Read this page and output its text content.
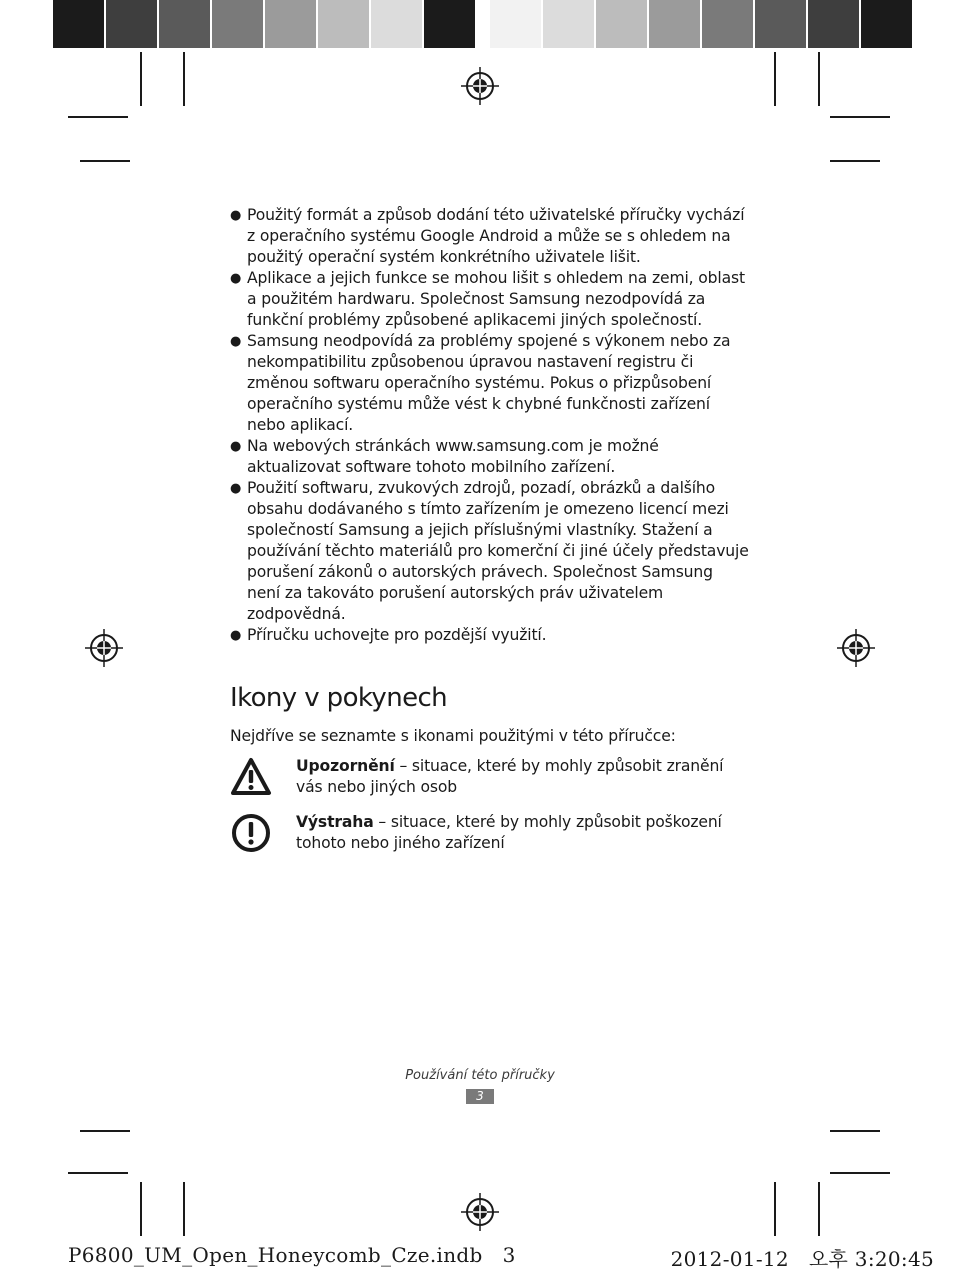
● Použitý formát a způsob dodání této uživatelské příručky vychází z operačního systému Google Android a může se s ohledem na použitý operační systém konkrétního uživatele lišit.
● Aplikace a jejich funkce se mohou lišit s ohledem na zemi, oblast a použitém hardwaru. Společnost Samsung nezodpovídá za funkční problémy způsobené aplikacemi jiných společností.
● Samsung neodpovídá za problémy spojené s výkonem nebo za nekompatibilitu způsobenou úpravou nastavení registru či změnou softwaru operačního systému. Pokus o přizpůsobení operačního systému může vést k chybné funkčnosti zařízení nebo aplikací.
● Na webových stránkách www.samsung.com je možné aktualizovat software tohoto mobilního zařízení.
● Použití softwaru, zvukových zdrojů, pozadí, obrázků a dalšího obsahu dodávaného s tímto zařízením je omezeno licencí mezi společností Samsung a jejich příslušnými vlastníky. Stažení a používání těchto materiálů pro komerční či jiné účely představuje porušení zákonů o autorských právech. Společnost Samsung není za takováto porušení autorských práv uživatelem zodpovědná.
● Příručku uchovejte pro pozdější využití.
Ikony v pokynech
Nejdříve se seznamte s ikonami použitými v této příručce:
Upozornění – situace, které by mohly způsobit zranění vás nebo jiných osob
Výstraha – situace, které by mohly způsobit poškození tohoto nebo jiného zařízení
Používání této příručky
3
P6800_UM_Open_Honeycomb_Cze.indb   3	2012-01-12   오후 3:20:45
